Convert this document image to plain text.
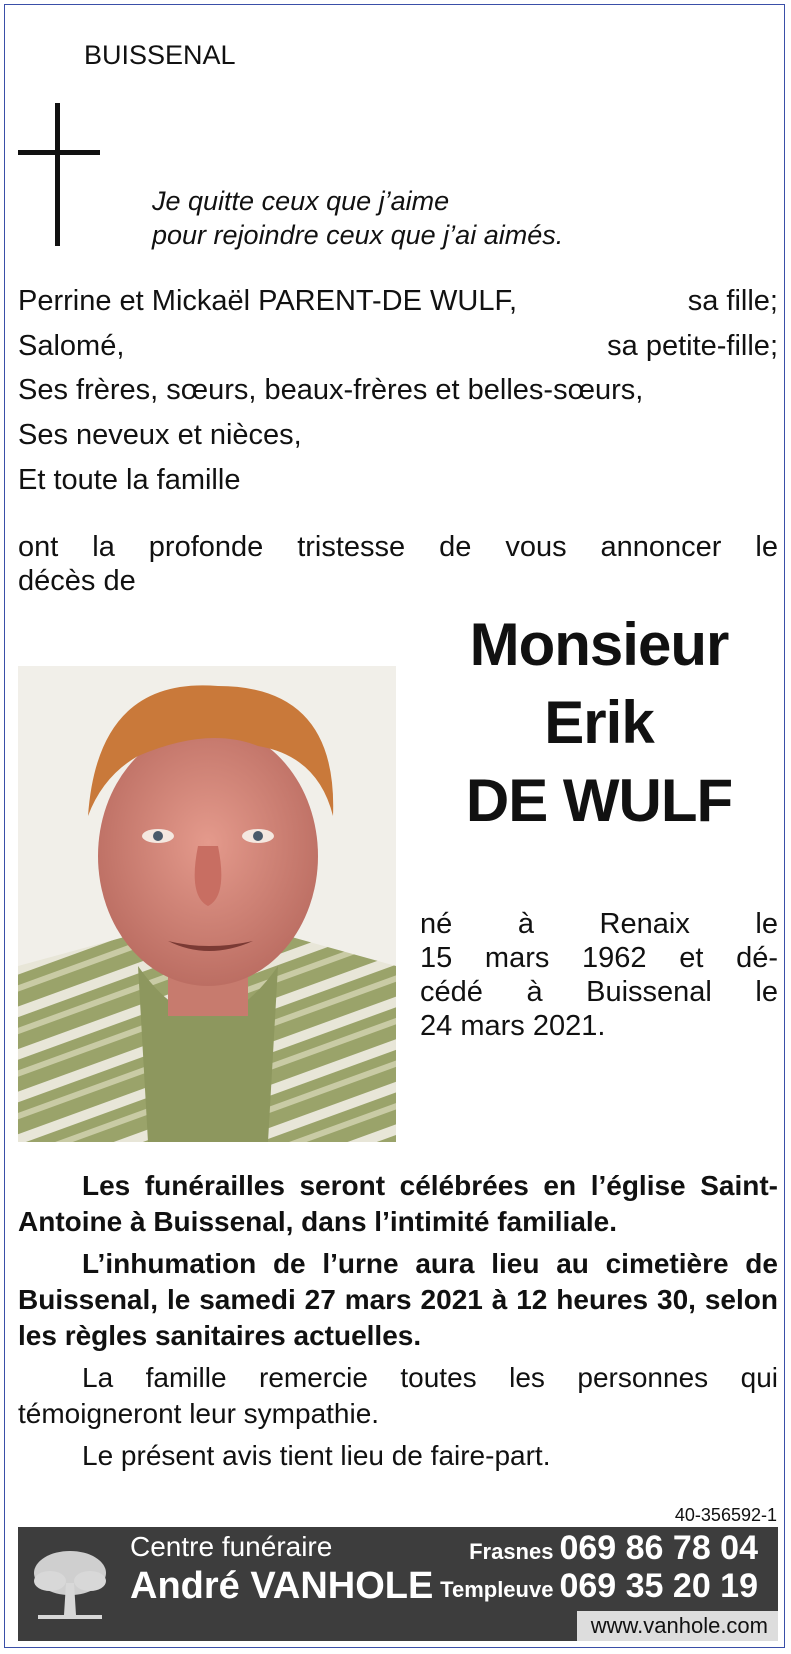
BUISSENAL
Je quitte ceux que j’aime
pour rejoindre ceux que j’ai aimés.
Perrine et Mickaël PARENT-DE WULF,	sa fille;
Salomé,	sa petite-fille;
Ses frères, sœurs, beaux-frères et belles-sœurs,
Ses neveux et nièces,
Et toute la famille
ont la profonde tristesse de vous annoncer le
décès de
Monsieur
Erik
DE WULF
né à Renaix le
15 mars 1962 et dé-
cédé à Buissenal le
24 mars 2021.

Les funérailles seront célébrées en l’église Saint-Antoine à Buissenal, dans l’intimité familiale.

L’inhumation de l’urne aura lieu au cimetière de Buissenal, le samedi 27 mars 2021 à 12 heures 30, selon les règles sanitaires actuelles.

La famille remercie toutes les personnes qui témoigneront leur sympathie.

Le présent avis tient lieu de faire-part.

40-356592-1
Centre funéraire
André VANHOLE
Frasnes 069 86 78 04
Templeuve 069 35 20 19
www.vanhole.com
